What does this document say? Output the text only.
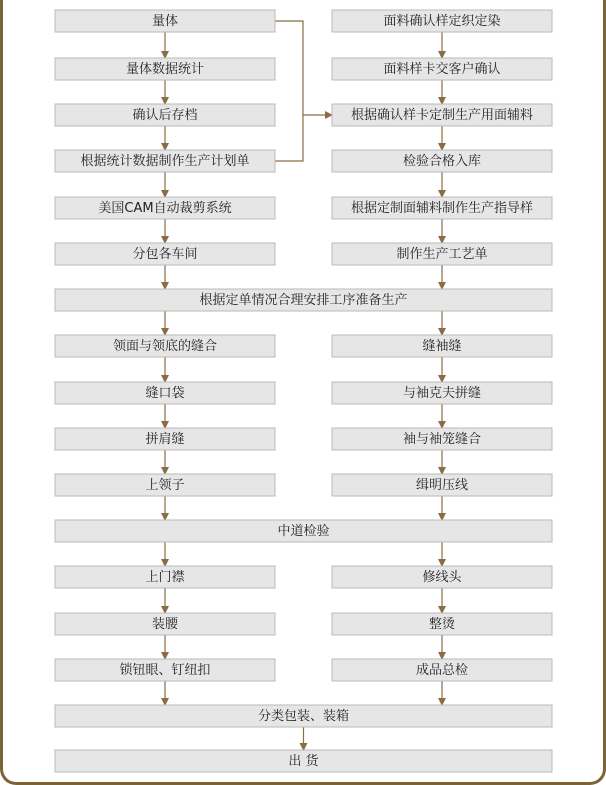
量体
量体数据统计
确认后存档
根据统计数据制作生产计划单
美国CAM自动裁剪系统
分包各车间
面料确认样定织定染
面料样卡交客户确认
根据确认样卡定制生产用面辅料
检验合格入库
根据定制面辅料制作生产指导样
制作生产工艺单
根据定单情况合理安排工序准备生产
领面与领底的缝合
缝口袋
拼肩缝
上领子
缝袖缝
与袖克夫拼缝
袖与袖笼缝合
缉明压线
中道检验
上门襟
装腰
锁钮眼、钉纽扣
修线头
整烫
成品总检
分类包装、装箱
出 货
